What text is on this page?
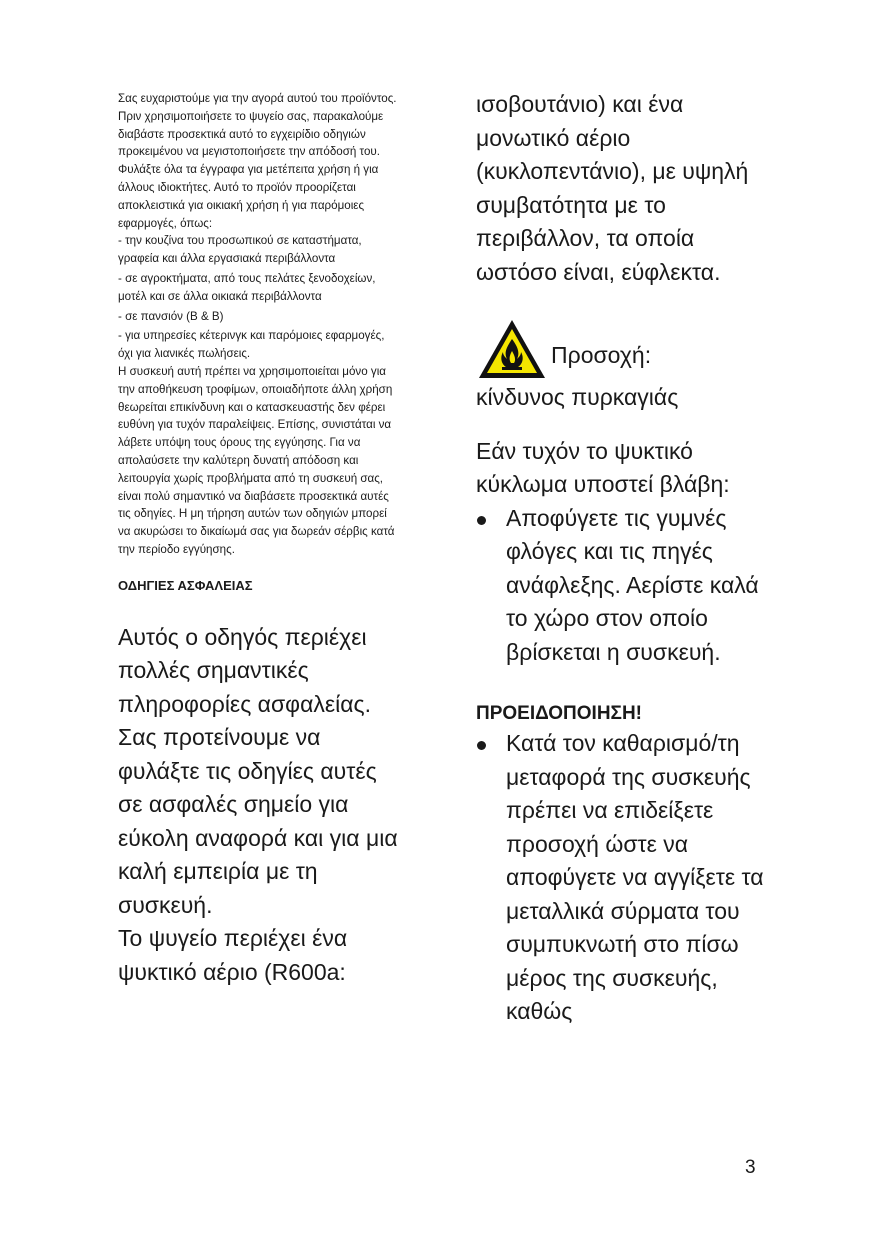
Σας ευχαριστούμε για την αγορά αυτού του προϊόντος.

Πριν χρησιμοποιήσετε το ψυγείο σας, παρακαλούμε διαβάστε προσεκτικά αυτό το εγχειρίδιο οδηγιών προκειμένου να μεγιστοποιήσετε την απόδοσή του. Φυλάξτε όλα τα έγγραφα για μετέπειτα χρήση ή για άλλους ιδιοκτήτες. Αυτό το προϊόν προορίζεται αποκλειστικά για οικιακή χρήση ή για παρόμοιες εφαρμογές, όπως:

- την κουζίνα του προσωπικού σε καταστήματα, γραφεία και άλλα εργασιακά περιβάλλοντα

- σε αγροκτήματα, από τους πελάτες ξενοδοχείων, μοτέλ και σε άλλα οικιακά περιβάλλοντα

- σε πανσιόν (B & B)

- για υπηρεσίες κέτερινγκ και παρόμοιες εφαρμογές, όχι για λιανικές πωλήσεις.

Η συσκευή αυτή πρέπει να χρησιμοποιείται μόνο για την αποθήκευση τροφίμων, οποιαδήποτε άλλη χρήση θεωρείται επικίνδυνη και ο κατασκευαστής δεν φέρει ευθύνη για τυχόν παραλείψεις. Επίσης, συνιστάται να λάβετε υπόψη τους όρους της εγγύησης. Για να απολαύσετε την καλύτερη δυνατή απόδοση και λειτουργία χωρίς προβλήματα από τη συσκευή σας, είναι πολύ σημαντικό να διαβάσετε προσεκτικά αυτές τις οδηγίες. Η μη τήρηση αυτών των οδηγιών μπορεί να ακυρώσει το δικαίωμά σας για δωρεάν σέρβις κατά την περίοδο εγγύησης.

ΟΔΗΓΙΕΣ ΑΣΦΑΛΕΙΑΣ

Αυτός ο οδηγός περιέχει πολλές σημαντικές πληροφορίες ασφαλείας. Σας προτείνουμε να φυλάξτε τις οδηγίες αυτές σε ασφαλές σημείο για εύκολη αναφορά και για μια καλή εμπειρία με τη συσκευή.

Το ψυγείο περιέχει ένα ψυκτικό αέριο (R600a:

ισοβουτάνιο) και ένα μονωτικό αέριο (κυκλοπεντάνιο), με υψηλή συμβατότητα με το περιβάλλον, τα οποία ωστόσο είναι, εύφλεκτα.

Προσοχή:

κίνδυνος πυρκαγιάς

Εάν τυχόν το ψυκτικό κύκλωμα υποστεί βλάβη:

Αποφύγετε τις γυμνές φλόγες και τις πηγές ανάφλεξης. Αερίστε καλά το χώρο στον οποίο βρίσκεται η συσκευή.

ΠΡΟΕΙΔΟΠΟΙΗΣΗ!

Κατά τον καθαρισμό/τη μεταφορά της συσκευής πρέπει να επιδείξετε προσοχή ώστε να αποφύγετε να αγγίξετε τα μεταλλικά σύρματα του συμπυκνωτή στο πίσω μέρος της συσκευής, καθώς
3
